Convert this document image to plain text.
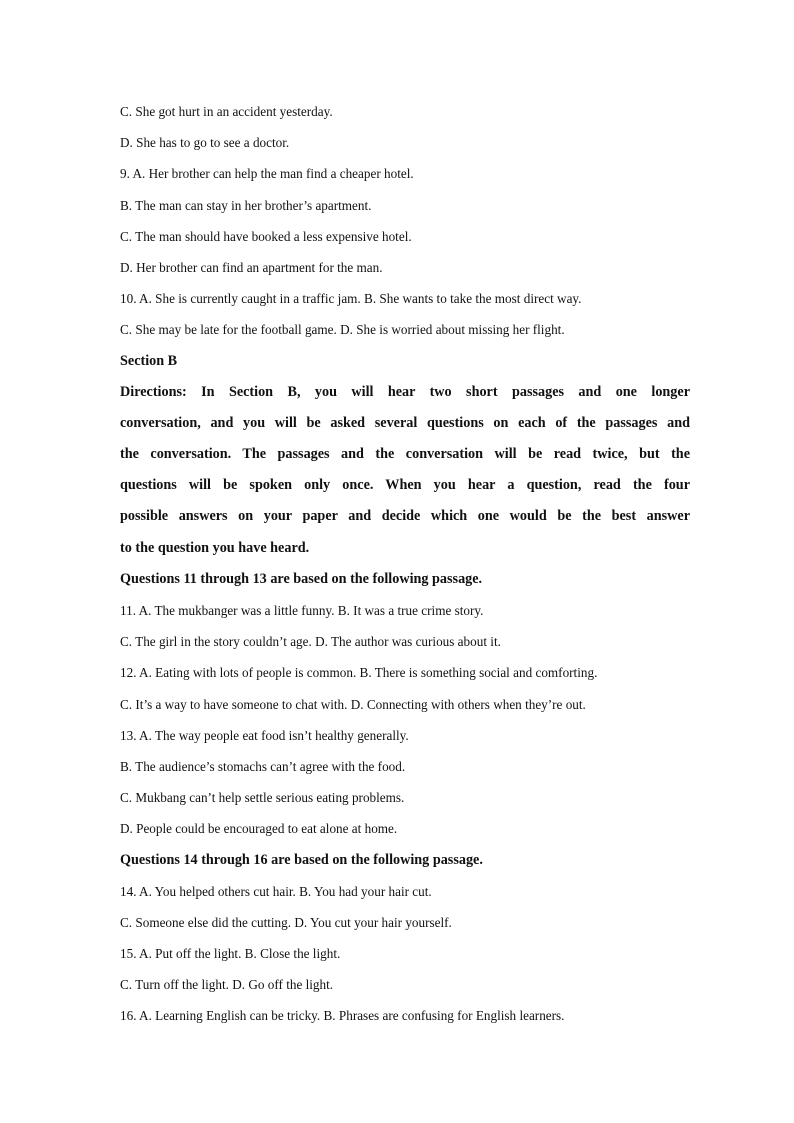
C. She got hurt in an accident yesterday.
D. She has to go to see a doctor.
9. A. Her brother can help the man find a cheaper hotel.
B. The man can stay in her brother’s apartment.
C. The man should have booked a less expensive hotel.
D. Her brother can find an apartment for the man.
10. A. She is currently caught in a traffic jam. B. She wants to take the most direct way.
C. She may be late for the football game. D. She is worried about missing her flight.
Section B
Directions: In Section B, you will hear two short passages and one longer
conversation, and you will be asked several questions on each of the passages and
the conversation. The passages and the conversation will be read twice, but the
questions will be spoken only once. When you hear a question, read the four
possible answers on your paper and decide which one would be the best answer
to the question you have heard.
Questions 11 through 13 are based on the following passage.
11. A. The mukbanger was a little funny. B. It was a true crime story.
C. The girl in the story couldn’t age. D. The author was curious about it.
12. A. Eating with lots of people is common. B. There is something social and comforting.
C. It’s a way to have someone to chat with. D. Connecting with others when they’re out.
13. A. The way people eat food isn’t healthy generally.
B. The audience’s stomachs can’t agree with the food.
C. Mukbang can’t help settle serious eating problems.
D. People could be encouraged to eat alone at home.
Questions 14 through 16 are based on the following passage.
14. A. You helped others cut hair. B. You had your hair cut.
C. Someone else did the cutting. D. You cut your hair yourself.
15. A. Put off the light. B. Close the light.
C. Turn off the light. D. Go off the light.
16. A. Learning English can be tricky. B. Phrases are confusing for English learners.
